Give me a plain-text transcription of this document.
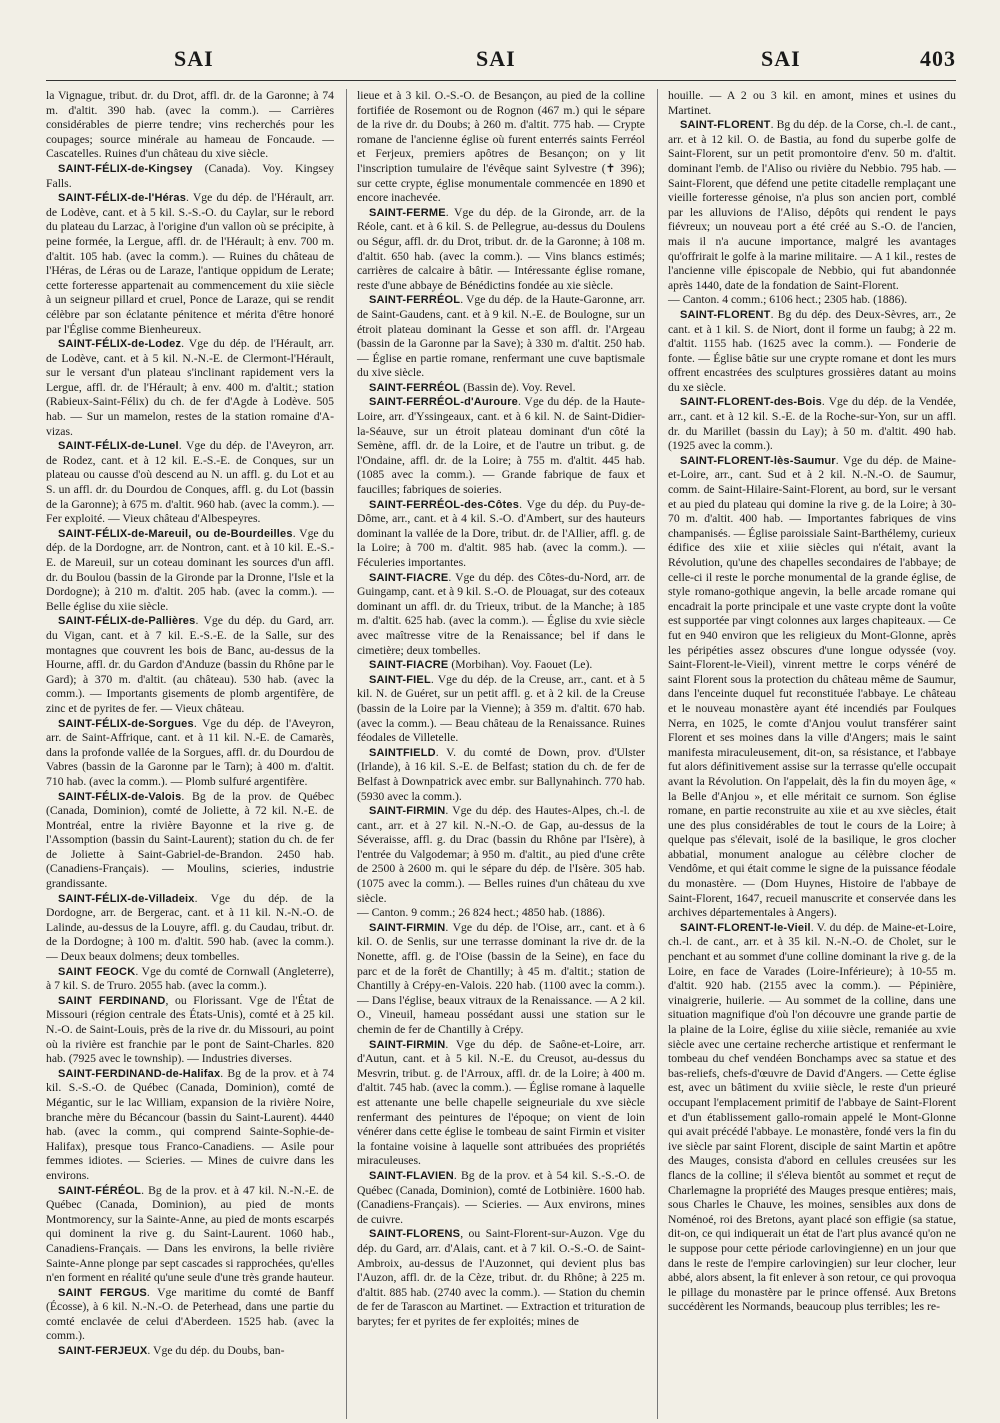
SAI	SAI	SAI	403

la Vignague, tribut. dr. du Drot, affl. dr. de la Garonne; à 74 m. d'altit. 390 hab. (avec la comm.). — Carrières considérables de pierre tendre; vins recherchés pour les coupages; source minérale au hameau de Foncaude. — Cascatelles. Ruines d'un château du xive siècle.

SAINT-FÉLIX-de-Kingsey (Canada). Voy. Kingsey Falls.

SAINT-FÉLIX-de-l'Héras. Vge du dép. de l'Hérault, arr. de Lodève, cant. et à 5 kil. S.-S.-O. du Caylar, sur le rebord du plateau du Larzac, à l'origine d'un vallon où se précipite, à peine formée, la Lergue, affl. dr. de l'Hérault; à env. 700 m. d'altit. 105 hab. (avec la comm.). — Ruines du château de l'Héras, de Léras ou de Laraze, l'antique oppidum de Lerate; cette forteresse appartenait au commencement du xiie siècle à un seigneur pillard et cruel, Ponce de Laraze, qui se rendit célèbre par son éclatante pénitence et mérita d'être honoré par l'Église comme Bienheureux.

SAINT-FÉLIX-de-Lodez. Vge du dép. de l'Hérault, arr. de Lodève, cant. et à 5 kil. N.-N.-E. de Clermont-l'Hérault, sur le versant d'un plateau s'inclinant rapidement vers la Lergue, affl. dr. de l'Hérault; à env. 400 m. d'altit.; station (Rabieux-Saint-Félix) du ch. de fer d'Agde à Lodève. 505 hab. — Sur un mamelon, restes de la station romaine d'A-vizas.

SAINT-FÉLIX-de-Lunel. Vge du dép. de l'Aveyron, arr. de Rodez, cant. et à 12 kil. E.-S.-E. de Conques, sur un plateau ou causse d'où descend au N. un affl. g. du Lot et au S. un affl. dr. du Dourdou de Conques, affl. g. du Lot (bassin de la Garonne); à 675 m. d'altit. 960 hab. (avec la comm.). — Fer exploité. — Vieux château d'Albespeyres.

SAINT-FÉLIX-de-Mareuil, ou de-Bourdeilles. Vge du dép. de la Dordogne, arr. de Nontron, cant. et à 10 kil. E.-S.-E. de Mareuil, sur un coteau dominant les sources d'un affl. dr. du Boulou (bassin de la Gironde par la Dronne, l'Isle et la Dordogne); à 210 m. d'altit. 205 hab. (avec la comm.). — Belle église du xiie siècle.

SAINT-FÉLIX-de-Pallières. Vge du dép. du Gard, arr. du Vigan, cant. et à 7 kil. E.-S.-E. de la Salle, sur des montagnes que couvrent les bois de Banc, au-dessus de la Hourne, affl. dr. du Gardon d'Anduze (bassin du Rhône par le Gard); à 370 m. d'altit. (au château). 530 hab. (avec la comm.). — Importants gisements de plomb argentifère, de zinc et de pyrites de fer. — Vieux château.

SAINT-FÉLIX-de-Sorgues. Vge du dép. de l'Aveyron, arr. de Saint-Affrique, cant. et à 11 kil. N.-E. de Camarès, dans la profonde vallée de la Sorgues, affl. dr. du Dourdou de Vabres (bassin de la Garonne par le Tarn); à 400 m. d'altit. 710 hab. (avec la comm.). — Plomb sulfuré argentifère.

SAINT-FÉLIX-de-Valois. Bg de la prov. de Québec (Canada, Dominion), comté de Joliette, à 72 kil. N.-E. de Montréal, entre la rivière Bayonne et la rive g. de l'Assomption (bassin du Saint-Laurent); station du ch. de fer de Joliette à Saint-Gabriel-de-Brandon. 2450 hab. (Canadiens-Français). — Moulins, scieries, industrie grandissante.

SAINT-FÉLIX-de-Villadeix. Vge du dép. de la Dordogne, arr. de Bergerac, cant. et à 11 kil. N.-N.-O. de Lalinde, au-dessus de la Louyre, affl. g. du Caudau, tribut. dr. de la Dordogne; à 100 m. d'altit. 590 hab. (avec la comm.). — Deux beaux dolmens; deux tombelles.

SAINT FEOCK. Vge du comté de Cornwall (Angleterre), à 7 kil. S. de Truro. 2055 hab. (avec la comm.).

SAINT FERDINAND, ou Florissant. Vge de l'État de Missouri (région centrale des États-Unis), comté et à 25 kil. N.-O. de Saint-Louis, près de la rive dr. du Missouri, au point où la rivière est franchie par le pont de Saint-Charles. 820 hab. (7925 avec le township). — Industries diverses.

SAINT-FERDINAND-de-Halifax. Bg de la prov. et à 74 kil. S.-S.-O. de Québec (Canada, Dominion), comté de Mégantic, sur le lac William, expansion de la rivière Noire, branche mère du Bécancour (bassin du Saint-Laurent). 4440 hab. (avec la comm., qui comprend Sainte-Sophie-de-Halifax), presque tous Franco-Canadiens. — Asile pour femmes idiotes. — Scieries. — Mines de cuivre dans les environs.

SAINT-FÉRÉOL. Bg de la prov. et à 47 kil. N.-N.-E. de Québec (Canada, Dominion), au pied de monts Montmorency, sur la Sainte-Anne, au pied de monts escarpés qui dominent la rive g. du Saint-Laurent. 1060 hab., Canadiens-Français. — Dans les environs, la belle rivière Sainte-Anne plonge par sept cascades si rapprochées, qu'elles n'en forment en réalité qu'une seule d'une très grande hauteur.

SAINT FERGUS. Vge maritime du comté de Banff (Écosse), à 6 kil. N.-N.-O. de Peterhead, dans une partie du comté enclavée de celui d'Aberdeen. 1525 hab. (avec la comm.).

SAINT-FERJEUX. Vge du dép. du Doubs, ban-

lieue et à 3 kil. O.-S.-O. de Besançon, au pied de la colline fortifiée de Rosemont ou de Rognon (467 m.) qui le sépare de la rive dr. du Doubs; à 260 m. d'altit. 775 hab. — Crypte romane de l'ancienne église où furent enterrés saints Ferréol et Ferjeux, premiers apôtres de Besançon; on y lit l'inscription tumulaire de l'évêque saint Sylvestre (✝ 396); sur cette crypte, église monumentale commencée en 1890 et encore inachevée.

SAINT-FERME. Vge du dép. de la Gironde, arr. de la Réole, cant. et à 6 kil. S. de Pellegrue, au-dessus du Doulens ou Ségur, affl. dr. du Drot, tribut. dr. de la Garonne; à 108 m. d'altit. 650 hab. (avec la comm.). — Vins blancs estimés; carrières de calcaire à bâtir. — Intéressante église romane, reste d'une abbaye de Bénédictins fondée au xie siècle.

SAINT-FERRÉOL. Vge du dép. de la Haute-Garonne, arr. de Saint-Gaudens, cant. et à 9 kil. N.-E. de Boulogne, sur un étroit plateau dominant la Gesse et son affl. dr. l'Argeau (bassin de la Garonne par la Save); à 330 m. d'altit. 250 hab. — Église en partie romane, renfermant une cuve baptismale du xive siècle.

SAINT-FERRÉOL (Bassin de). Voy. Revel.

SAINT-FERRÉOL-d'Auroure. Vge du dép. de la Haute-Loire, arr. d'Yssingeaux, cant. et à 6 kil. N. de Saint-Didier-la-Séauve, sur un étroit plateau dominant d'un côté la Semène, affl. dr. de la Loire, et de l'autre un tribut. g. de l'Ondaine, affl. dr. de la Loire; à 755 m. d'altit. 445 hab. (1085 avec la comm.). — Grande fabrique de faux et faucilles; fabriques de soieries.

SAINT-FERRÉOL-des-Côtes. Vge du dép. du Puy-de-Dôme, arr., cant. et à 4 kil. S.-O. d'Ambert, sur des hauteurs dominant la vallée de la Dore, tribut. dr. de l'Allier, affl. g. de la Loire; à 700 m. d'altit. 985 hab. (avec la comm.). — Féculeries importantes.

SAINT-FIACRE. Vge du dép. des Côtes-du-Nord, arr. de Guingamp, cant. et à 9 kil. S.-O. de Plouagat, sur des coteaux dominant un affl. dr. du Trieux, tribut. de la Manche; à 185 m. d'altit. 625 hab. (avec la comm.). — Église du xvie siècle avec maîtresse vitre de la Renaissance; bel if dans le cimetière; deux tombelles.

SAINT-FIACRE (Morbihan). Voy. Faouet (Le).

SAINT-FIEL. Vge du dép. de la Creuse, arr., cant. et à 5 kil. N. de Guéret, sur un petit affl. g. et à 2 kil. de la Creuse (bassin de la Loire par la Vienne); à 359 m. d'altit. 670 hab. (avec la comm.). — Beau château de la Renaissance. Ruines féodales de Villetelle.

SAINTFIELD. V. du comté de Down, prov. d'Ulster (Irlande), à 16 kil. S.-E. de Belfast; station du ch. de fer de Belfast à Downpatrick avec embr. sur Ballynahinch. 770 hab. (5930 avec la comm.).

SAINT-FIRMIN. Vge du dép. des Hautes-Alpes, ch.-l. de cant., arr. et à 27 kil. N.-N.-O. de Gap, au-dessus de la Séveraisse, affl. g. du Drac (bassin du Rhône par l'Isère), à l'entrée du Valgodemar; à 950 m. d'altit., au pied d'une crête de 2500 à 2600 m. qui le sépare du dép. de l'Isère. 305 hab. (1075 avec la comm.). — Belles ruines d'un château du xve siècle.

— Canton. 9 comm.; 26 824 hect.; 4850 hab. (1886).

SAINT-FIRMIN. Vge du dép. de l'Oise, arr., cant. et à 6 kil. O. de Senlis, sur une terrasse dominant la rive dr. de la Nonette, affl. g. de l'Oise (bassin de la Seine), en face du parc et de la forêt de Chantilly; à 45 m. d'altit.; station de Chantilly à Crépy-en-Valois. 220 hab. (1100 avec la comm.). — Dans l'église, beaux vitraux de la Renaissance. — A 2 kil. O., Vineuil, hameau possédant aussi une station sur le chemin de fer de Chantilly à Crépy.

SAINT-FIRMIN. Vge du dép. de Saône-et-Loire, arr. d'Autun, cant. et à 5 kil. N.-E. du Creusot, au-dessus du Mesvrin, tribut. g. de l'Arroux, affl. dr. de la Loire; à 400 m. d'altit. 745 hab. (avec la comm.). — Église romane à laquelle est attenante une belle chapelle seigneuriale du xve siècle renfermant des peintures de l'époque; on vient de loin vénérer dans cette église le tombeau de saint Firmin et visiter la fontaine voisine à laquelle sont attribuées des propriétés miraculeuses.

SAINT-FLAVIEN. Bg de la prov. et à 54 kil. S.-S.-O. de Québec (Canada, Dominion), comté de Lotbinière. 1600 hab. (Canadiens-Français). — Scieries. — Aux environs, mines de cuivre.

SAINT-FLORENS, ou Saint-Florent-sur-Auzon. Vge du dép. du Gard, arr. d'Alais, cant. et à 7 kil. O.-S.-O. de Saint-Ambroix, au-dessus de l'Auzonnet, qui devient plus bas l'Auzon, affl. dr. de la Cèze, tribut. dr. du Rhône; à 225 m. d'altit. 885 hab. (2740 avec la comm.). — Station du chemin de fer de Tarascon au Martinet. — Extraction et trituration de barytes; fer et pyrites de fer exploités; mines de

houille. — A 2 ou 3 kil. en amont, mines et usines du Martinet.

SAINT-FLORENT. Bg du dép. de la Corse, ch.-l. de cant., arr. et à 12 kil. O. de Bastia, au fond du superbe golfe de Saint-Florent, sur un petit promontoire d'env. 50 m. d'altit. dominant l'emb. de l'Aliso ou rivière du Nebbio. 795 hab. — Saint-Florent, que défend une petite citadelle remplaçant une vieille forteresse génoise, n'a plus son ancien port, comblé par les alluvions de l'Aliso, dépôts qui rendent le pays fiévreux; un nouveau port a été créé au S.-O. de l'ancien, mais il n'a aucune importance, malgré les avantages qu'offrirait le golfe à la marine militaire. — A 1 kil., restes de l'ancienne ville épiscopale de Nebbio, qui fut abandonnée après 1440, date de la fondation de Saint-Florent.

— Canton. 4 comm.; 6106 hect.; 2305 hab. (1886).

SAINT-FLORENT. Bg du dép. des Deux-Sèvres, arr., 2e cant. et à 1 kil. S. de Niort, dont il forme un faubg; à 22 m. d'altit. 1155 hab. (1625 avec la comm.). — Fonderie de fonte. — Église bâtie sur une crypte romane et dont les murs offrent encastrées des sculptures grossières datant au moins du xe siècle.

SAINT-FLORENT-des-Bois. Vge du dép. de la Vendée, arr., cant. et à 12 kil. S.-E. de la Roche-sur-Yon, sur un affl. dr. du Marillet (bassin du Lay); à 50 m. d'altit. 490 hab. (1925 avec la comm.).

SAINT-FLORENT-lès-Saumur. Vge du dép. de Maine-et-Loire, arr., cant. Sud et à 2 kil. N.-N.-O. de Saumur, comm. de Saint-Hilaire-Saint-Florent, au bord, sur le versant et au pied du plateau qui domine la rive g. de la Loire; à 30-70 m. d'altit. 400 hab. — Importantes fabriques de vins champanisés. — Église paroissiale Saint-Barthélemy, curieux édifice des xiie et xiiie siècles qui n'était, avant la Révolution, qu'une des chapelles secondaires de l'abbaye; de celle-ci il reste le porche monumental de la grande église, de style romano-gothique angevin, la belle arcade romane qui encadrait la porte principale et une vaste crypte dont la voûte est supportée par vingt colonnes aux larges chapiteaux. — Ce fut en 940 environ que les religieux du Mont-Glonne, après les péripéties assez obscures d'une longue odyssée (voy. Saint-Florent-le-Vieil), vinrent mettre le corps vénéré de saint Florent sous la protection du château même de Saumur, dans l'enceinte duquel fut reconstituée l'abbaye. Le château et le nouveau monastère ayant été incendiés par Foulques Nerra, en 1025, le comte d'Anjou voulut transférer saint Florent et ses moines dans la ville d'Angers; mais le saint manifesta miraculeusement, dit-on, sa résistance, et l'abbaye fut alors définitivement assise sur la terrasse qu'elle occupait avant la Révolution. On l'appelait, dès la fin du moyen âge, « la Belle d'Anjou », et elle méritait ce surnom. Son église romane, en partie reconstruite au xiie et au xve siècles, était une des plus considérables de tout le cours de la Loire; à quelque pas s'élevait, isolé de la basilique, le gros clocher abbatial, monument analogue au célèbre clocher de Vendôme, et qui était comme le signe de la puissance féodale du monastère. — (Dom Huynes, Histoire de l'abbaye de Saint-Florent, 1647, recueil manuscrite et conservée dans les archives départementales à Angers).

SAINT-FLORENT-le-Vieil. V. du dép. de Maine-et-Loire, ch.-l. de cant., arr. et à 35 kil. N.-N.-O. de Cholet, sur le penchant et au sommet d'une colline dominant la rive g. de la Loire, en face de Varades (Loire-Inférieure); à 10-55 m. d'altit. 920 hab. (2155 avec la comm.). — Pépinière, vinaigrerie, huilerie. — Au sommet de la colline, dans une situation magnifique d'où l'on découvre une grande partie de la plaine de la Loire, église du xiiie siècle, remaniée au xvie siècle avec une certaine recherche artistique et renfermant le tombeau du chef vendéen Bonchamps avec sa statue et des bas-reliefs, chefs-d'œuvre de David d'Angers. — Cette église est, avec un bâtiment du xviiie siècle, le reste d'un prieuré occupant l'emplacement primitif de l'abbaye de Saint-Florent et d'un établissement gallo-romain appelé le Mont-Glonne qui avait précédé l'abbaye. Le monastère, fondé vers la fin du ive siècle par saint Florent, disciple de saint Martin et apôtre des Mauges, consista d'abord en cellules creusées sur les flancs de la colline; il s'éleva bientôt au sommet et reçut de Charlemagne la propriété des Mauges presque entières; mais, sous Charles le Chauve, les moines, sensibles aux dons de Noménoé, roi des Bretons, ayant placé son effigie (sa statue, dit-on, ce qui indiquerait un état de l'art plus avancé qu'on ne le suppose pour cette période carlovingienne) en un jour que dans le reste de l'empire carlovingien) sur leur clocher, leur abbé, alors absent, la fit enlever à son retour, ce qui provoqua le pillage du monastère par le prince offensé. Aux Bretons succédèrent les Normands, beaucoup plus terribles; les re-
